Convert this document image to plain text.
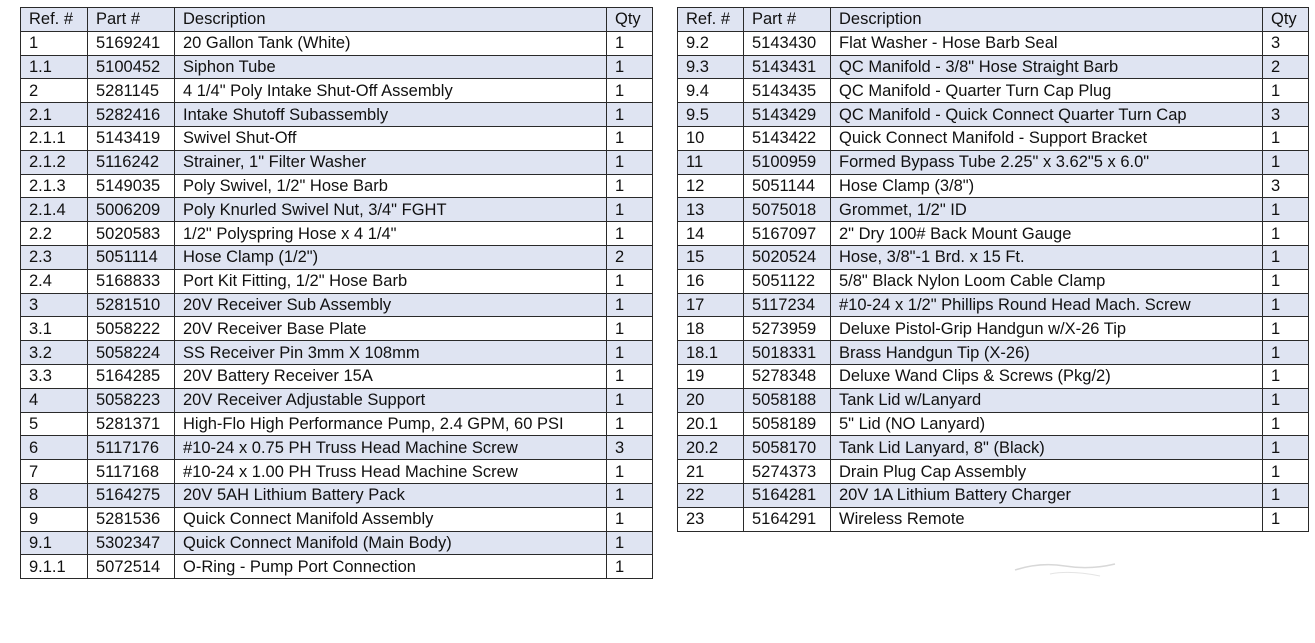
Ref. #	Part #	Description	Qty
1	5169241	20 Gallon Tank (White)	1
1.1	5100452	Siphon Tube	1
2	5281145	4 1/4" Poly Intake Shut-Off Assembly	1
2.1	5282416	Intake Shutoff Subassembly	1
2.1.1	5143419	Swivel Shut-Off	1
2.1.2	5116242	Strainer, 1" Filter Washer	1
2.1.3	5149035	Poly Swivel, 1/2" Hose Barb	1
2.1.4	5006209	Poly Knurled Swivel Nut, 3/4" FGHT	1
2.2	5020583	1/2" Polyspring Hose x 4 1/4"	1
2.3	5051114	Hose Clamp (1/2")	2
2.4	5168833	Port Kit Fitting, 1/2" Hose Barb	1
3	5281510	20V Receiver Sub Assembly	1
3.1	5058222	20V Receiver Base Plate	1
3.2	5058224	SS Receiver Pin 3mm X 108mm	1
3.3	5164285	20V Battery Receiver 15A	1
4	5058223	20V Receiver Adjustable Support	1
5	5281371	High-Flo High Performance Pump, 2.4 GPM, 60 PSI	1
6	5117176	#10-24 x 0.75 PH Truss Head Machine Screw	3
7	5117168	#10-24 x 1.00 PH Truss Head Machine Screw	1
8	5164275	20V 5AH Lithium Battery Pack	1
9	5281536	Quick Connect Manifold Assembly	1
9.1	5302347	Quick Connect Manifold (Main Body)	1
9.1.1	5072514	O-Ring - Pump Port Connection	1
Ref. #	Part #	Description	Qty
9.2	5143430	Flat Washer - Hose Barb Seal	3
9.3	5143431	QC Manifold - 3/8" Hose Straight Barb	2
9.4	5143435	QC Manifold - Quarter Turn Cap Plug	1
9.5	5143429	QC Manifold - Quick Connect Quarter Turn Cap	3
10	5143422	Quick Connect Manifold - Support Bracket	1
11	5100959	Formed Bypass Tube 2.25" x 3.62"5 x 6.0"	1
12	5051144	Hose Clamp (3/8")	3
13	5075018	Grommet, 1/2" ID	1
14	5167097	2" Dry 100# Back Mount Gauge	1
15	5020524	Hose, 3/8"-1 Brd. x 15 Ft.	1
16	5051122	5/8" Black Nylon Loom Cable Clamp	1
17	5117234	#10-24 x 1/2" Phillips Round Head Mach. Screw	1
18	5273959	Deluxe Pistol-Grip Handgun w/X-26 Tip	1
18.1	5018331	Brass Handgun Tip (X-26)	1
19	5278348	Deluxe Wand Clips & Screws (Pkg/2)	1
20	5058188	Tank Lid w/Lanyard	1
20.1	5058189	5" Lid (NO Lanyard)	1
20.2	5058170	Tank Lid Lanyard, 8" (Black)	1
21	5274373	Drain Plug Cap Assembly	1
22	5164281	20V 1A Lithium Battery Charger	1
23	5164291	Wireless Remote	1
